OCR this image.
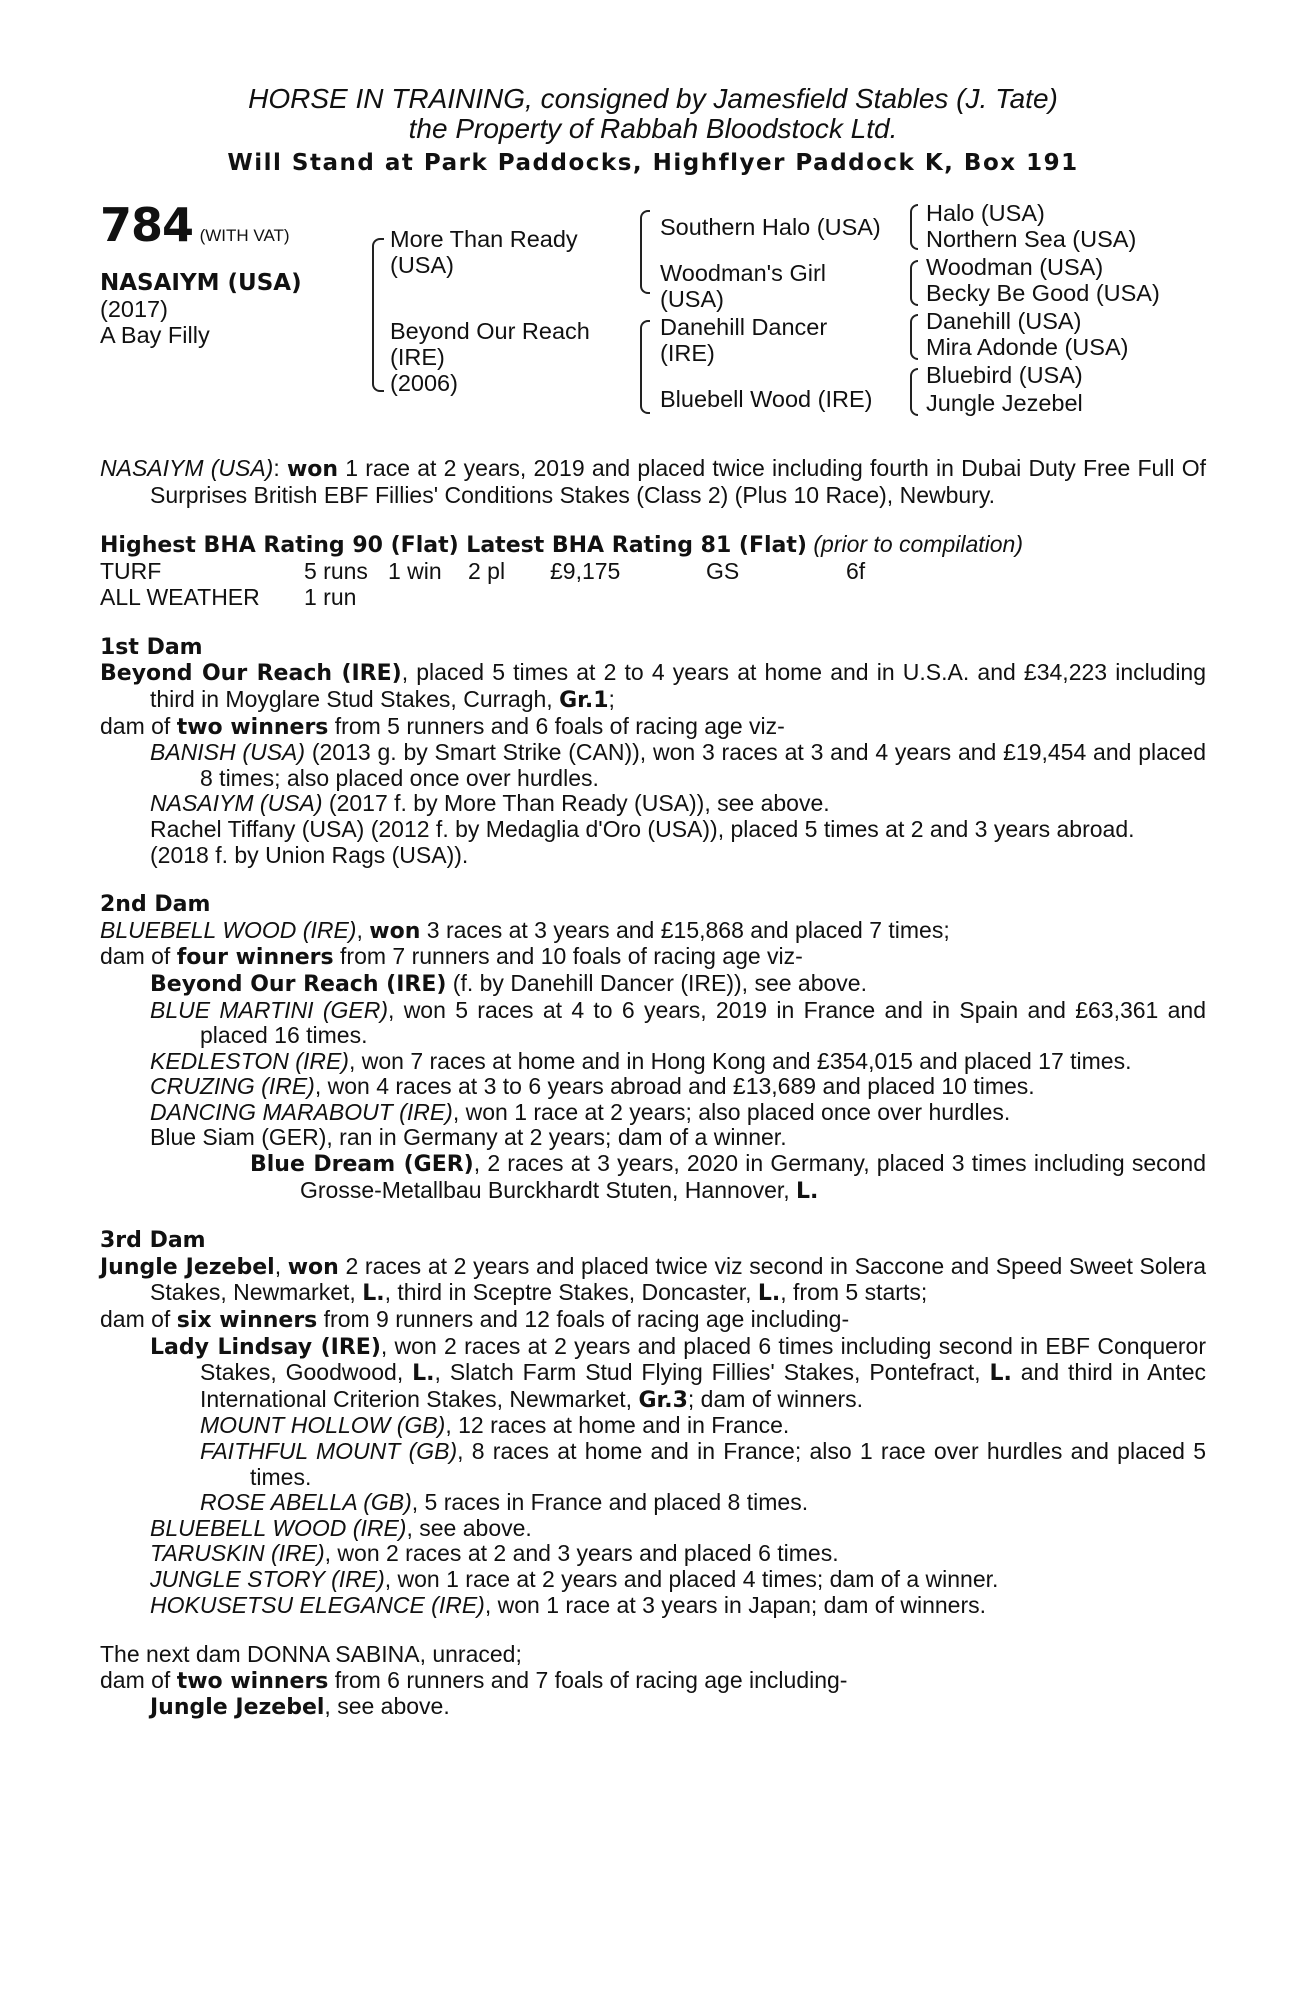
HORSE IN TRAINING, consigned by Jamesfield Stables (J. Tate)
the Property of Rabbah Bloodstock Ltd.
Will Stand at Park Paddocks, Highflyer Paddock K, Box 191
784 (WITH VAT)
NASAIYM (USA)
(2017)
A Bay Filly
More Than Ready
(USA)
Beyond Our Reach
(IRE)
(2006)
Southern Halo (USA)
Woodman's Girl
(USA)
Danehill Dancer
(IRE)
Bluebell Wood (IRE)
Halo (USA)
Northern Sea (USA)
Woodman (USA)
Becky Be Good (USA)
Danehill (USA)
Mira Adonde (USA)
Bluebird (USA)
Jungle Jezebel

NASAIYM (USA): won 1 race at 2 years, 2019 and placed twice including fourth in Dubai Duty Free Full Of Surprises British EBF Fillies' Conditions Stakes (Class 2) (Plus 10 Race), Newbury.

Highest BHA Rating 90 (Flat) Latest BHA Rating 81 (Flat) (prior to compilation)

TURF	5 runs 1 win 2 pl £9,175	GS	6f
ALL WEATHER 1 run

1st Dam

Beyond Our Reach (IRE), placed 5 times at 2 to 4 years at home and in U.S.A. and £34,223 including third in Moyglare Stud Stakes, Curragh, Gr.1;

dam of two winners from 5 runners and 6 foals of racing age viz-

BANISH (USA) (2013 g. by Smart Strike (CAN)), won 3 races at 3 and 4 years and £19,454 and placed 8 times; also placed once over hurdles.

NASAIYM (USA) (2017 f. by More Than Ready (USA)), see above.

Rachel Tiffany (USA) (2012 f. by Medaglia d'Oro (USA)), placed 5 times at 2 and 3 years abroad.

(2018 f. by Union Rags (USA)).

2nd Dam

BLUEBELL WOOD (IRE), won 3 races at 3 years and £15,868 and placed 7 times;

dam of four winners from 7 runners and 10 foals of racing age viz-

Beyond Our Reach (IRE) (f. by Danehill Dancer (IRE)), see above.

BLUE MARTINI (GER), won 5 races at 4 to 6 years, 2019 in France and in Spain and £63,361 and placed 16 times.

KEDLESTON (IRE), won 7 races at home and in Hong Kong and £354,015 and placed 17 times.

CRUZING (IRE), won 4 races at 3 to 6 years abroad and £13,689 and placed 10 times.

DANCING MARABOUT (IRE), won 1 race at 2 years; also placed once over hurdles.

Blue Siam (GER), ran in Germany at 2 years; dam of a winner.

Blue Dream (GER), 2 races at 3 years, 2020 in Germany, placed 3 times including second Grosse-Metallbau Burckhardt Stuten, Hannover, L.

3rd Dam

Jungle Jezebel, won 2 races at 2 years and placed twice viz second in Saccone and Speed Sweet Solera Stakes, Newmarket, L., third in Sceptre Stakes, Doncaster, L., from 5 starts;

dam of six winners from 9 runners and 12 foals of racing age including-

Lady Lindsay (IRE), won 2 races at 2 years and placed 6 times including second in EBF Conqueror Stakes, Goodwood, L., Slatch Farm Stud Flying Fillies' Stakes, Pontefract, L. and third in Antec International Criterion Stakes, Newmarket, Gr.3; dam of winners.

MOUNT HOLLOW (GB), 12 races at home and in France.

FAITHFUL MOUNT (GB), 8 races at home and in France; also 1 race over hurdles and placed 5 times.

ROSE ABELLA (GB), 5 races in France and placed 8 times.

BLUEBELL WOOD (IRE), see above.

TARUSKIN (IRE), won 2 races at 2 and 3 years and placed 6 times.

JUNGLE STORY (IRE), won 1 race at 2 years and placed 4 times; dam of a winner.

HOKUSETSU ELEGANCE (IRE), won 1 race at 3 years in Japan; dam of winners.

The next dam DONNA SABINA, unraced;

dam of two winners from 6 runners and 7 foals of racing age including-

Jungle Jezebel, see above.
